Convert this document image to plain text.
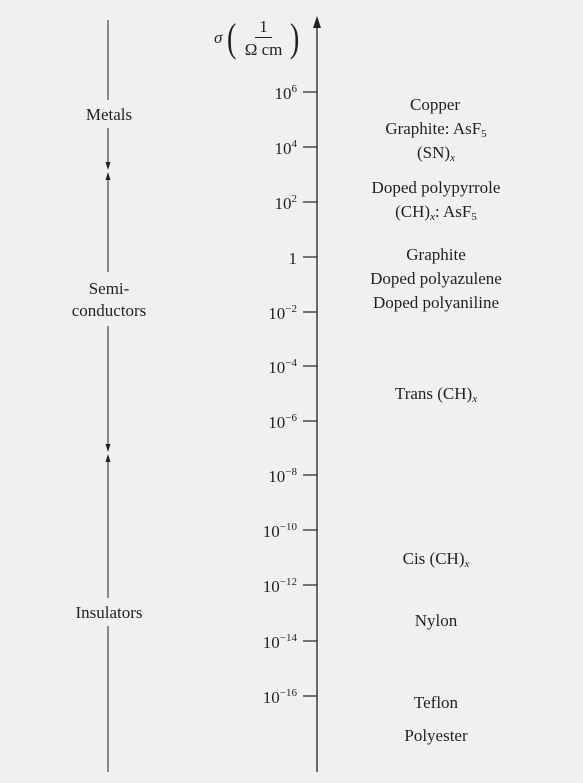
σ ( $\frac{1}{\text{Ω cm}}$ )
$10^6$
$10^4$
$10^2$
1
$10^{-2}$
$10^{-4}$
$10^{-6}$
$10^{-8}$
$10^{-10}$
$10^{-12}$
$10^{-14}$
$10^{-16}$
Metals
Semi-
conductors
Insulators
Copper
Graphite: AsF$_5$
$(SN)_x$
Doped polypyrrole
$(CH)_x$: AsF$_5$
Graphite
Doped polyazulene
Doped polyaniline
Trans $(CH)_x$
Cis $(CH)_x$
Nylon
Teflon
Polyester
